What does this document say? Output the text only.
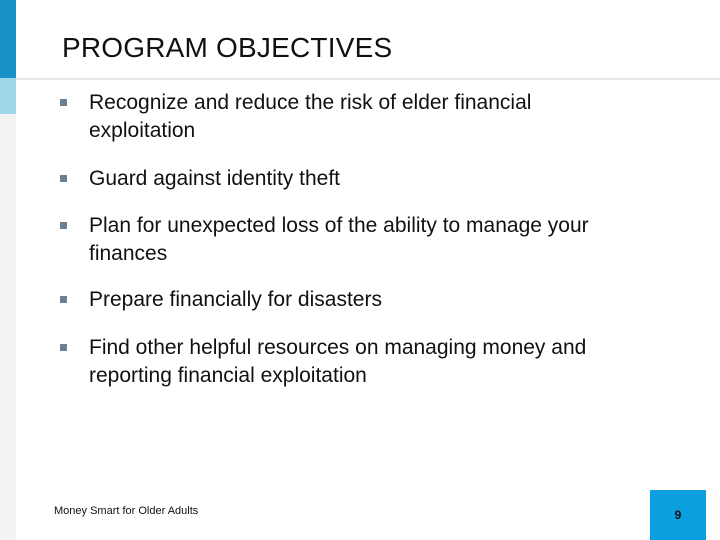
PROGRAM OBJECTIVES
Recognize and reduce the risk of elder financial exploitation
Guard against identity theft
Plan for unexpected loss of the ability to manage your finances
Prepare financially for disasters
Find other helpful resources on managing money and reporting financial exploitation
Money Smart for Older Adults	9
